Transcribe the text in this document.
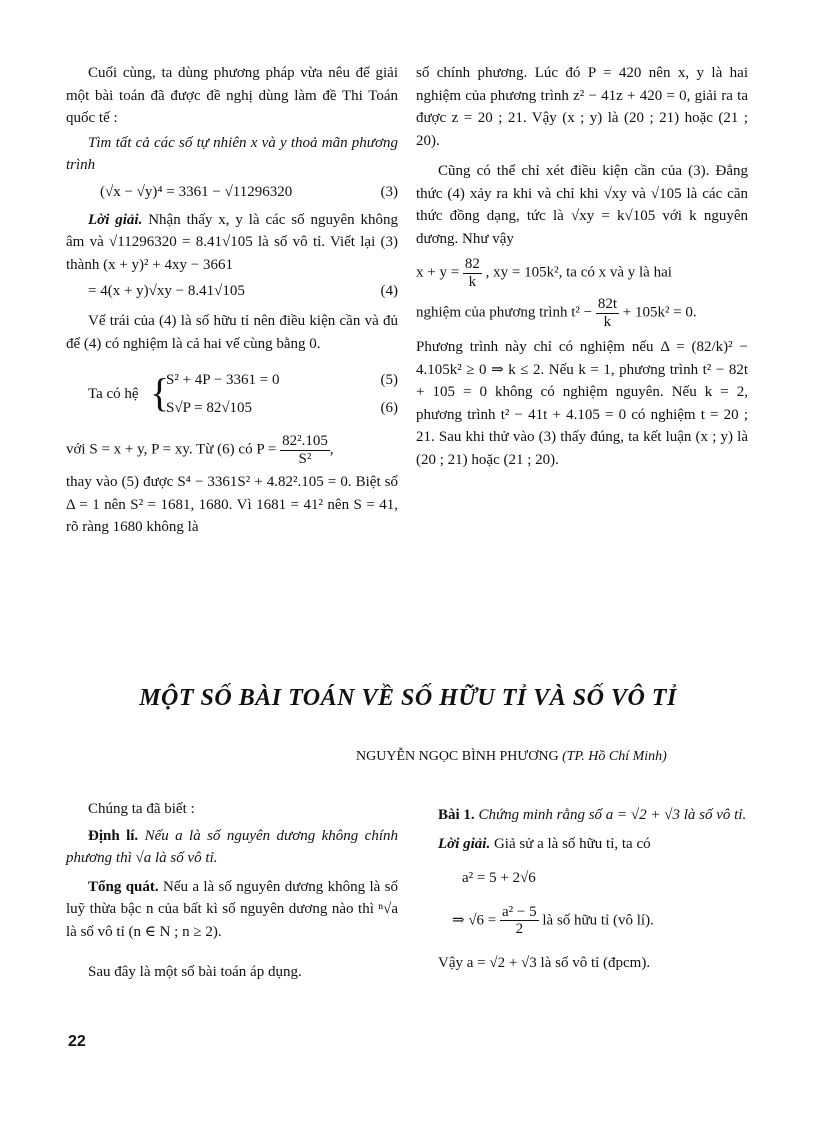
Cuối cùng, ta dùng phương pháp vừa nêu để giải một bài toán đã được đề nghị dùng làm đề Thi Toán quốc tế :

Tìm tất cả các số tự nhiên x và y thoả mãn phương trình

(√x − √y)⁴ = 3361 − √11296320	(3)

Lời giải. Nhận thấy x, y là các số nguyên không âm và √11296320 = 8.41√105 là số vô tỉ. Viết lại (3) thành (x + y)² + 4xy − 3661

= 4(x + y)√xy − 8.41√105	(4)

Vế trái của (4) là số hữu tỉ nên điều kiện cần và đủ để (4) có nghiệm là cả hai vế cùng bằng 0.

Ta có hệ {
S² + 4P − 3361 = 0	(5)
S√P = 82√105	(6)

với S = x + y, P = xy. Từ (6) có $P = \frac{\text{82².105}}{\text{S²}}$ ,

thay vào (5) được S⁴ − 3361S² + 4.82².105 = 0. Biệt số Δ = 1 nên S² = 1681, 1680. Vì 1681 = 41² nên S = 41, rõ ràng 1680 không là

số chính phương. Lúc đó P = 420 nên x, y là hai nghiệm của phương trình z² − 41z + 420 = 0, giải ra ta được z = 20 ; 21. Vậy (x ; y) là (20 ; 21) hoặc (21 ; 20).

Cũng có thể chỉ xét điều kiện cần của (3). Đẳng thức (4) xảy ra khi và chỉ khi √xy và √105 là các căn thức đồng dạng, tức là √xy = k√105 với k nguyên dương. Như vậy

$x + y = \frac{82}{k}$ , xy = 105k², ta có x và y là hai

nghiệm của phương trình $t^2 - \frac{82t}{k} + 105k^2 = 0$.

Phương trình này chỉ có nghiệm nếu Δ = (82/k)² − 4.105k² ≥ 0 ⇒ k ≤ 2. Nếu k = 1, phương trình t² − 82t + 105 = 0 không có nghiệm nguyên. Nếu k = 2, phương trình t² − 41t + 4.105 = 0 có nghiệm t = 20 ; 21. Sau khi thử vào (3) thấy đúng, ta kết luận (x ; y) là (20 ; 21) hoặc (21 ; 20).

MỘT SỐ BÀI TOÁN VỀ SỐ HỮU TỈ VÀ SỐ VÔ TỈ
NGUYỄN NGỌC BÌNH PHƯƠNG (TP. Hồ Chí Minh)

Chúng ta đã biết :

Định lí. Nếu a là số nguyên dương không chính phương thì √a là số vô tỉ.

Tổng quát. Nếu a là số nguyên dương không là số luỹ thừa bậc n của bất kì số nguyên dương nào thì ⁿ√a là số vô tỉ (n ∈ N ; n ≥ 2).

Sau đây là một số bài toán áp dụng.

Bài 1. Chứng minh rằng số a = √2 + √3 là số vô tỉ.

Lời giải. Giả sử a là số hữu tỉ, ta có

a² = 5 + 2√6

⇒ $√6 = \frac{\text{a² − 5}}{2}$ là số hữu tỉ (vô lí).

Vậy a = √2 + √3 là số vô tỉ (đpcm).

22
